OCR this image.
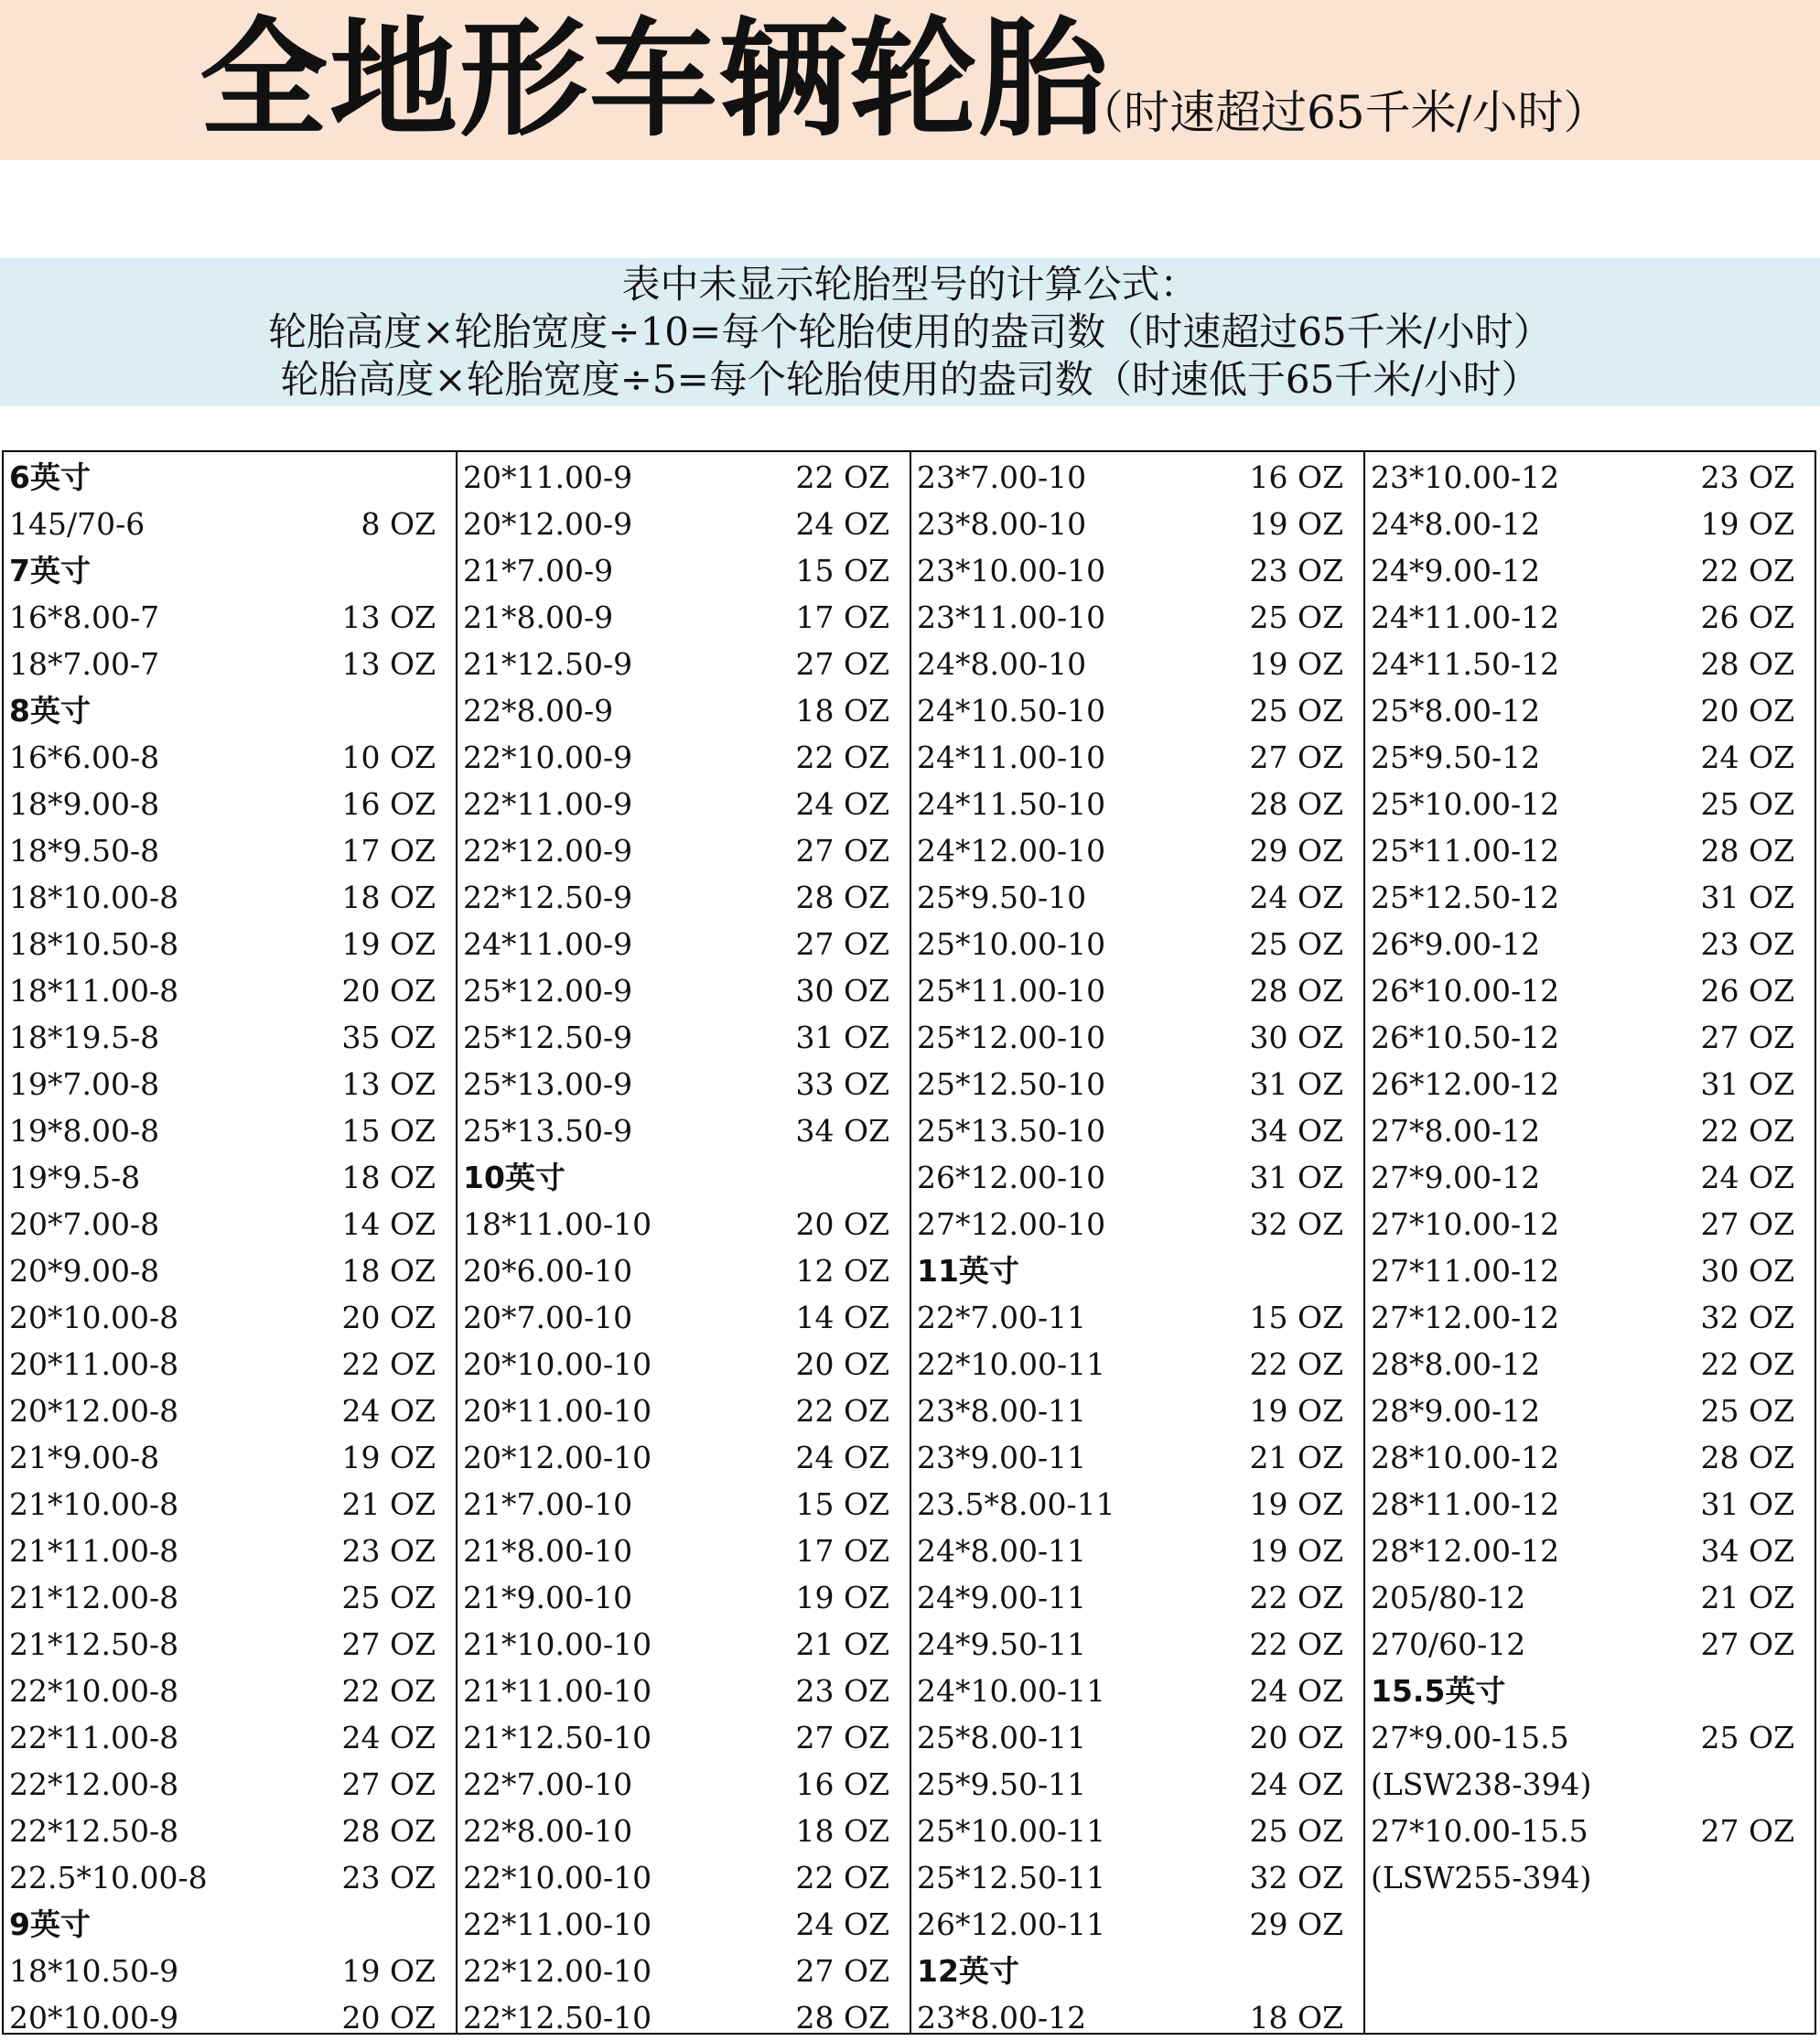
全地形车辆轮胎
（时速超过65千米/小时）
表中未显示轮胎型号的计算公式：
轮胎高度×轮胎宽度÷10=每个轮胎使用的盎司数（时速超过65千米/小时）
轮胎高度×轮胎宽度÷5=每个轮胎使用的盎司数（时速低于65千米/小时）
6英寸
145/70-6	8 OZ
7英寸
16*8.00-7	13 OZ
18*7.00-7	13 OZ
8英寸
16*6.00-8	10 OZ
18*9.00-8	16 OZ
18*9.50-8	17 OZ
18*10.00-8	18 OZ
18*10.50-8	19 OZ
18*11.00-8	20 OZ
18*19.5-8	35 OZ
19*7.00-8	13 OZ
19*8.00-8	15 OZ
19*9.5-8	18 OZ
20*7.00-8	14 OZ
20*9.00-8	18 OZ
20*10.00-8	20 OZ
20*11.00-8	22 OZ
20*12.00-8	24 OZ
21*9.00-8	19 OZ
21*10.00-8	21 OZ
21*11.00-8	23 OZ
21*12.00-8	25 OZ
21*12.50-8	27 OZ
22*10.00-8	22 OZ
22*11.00-8	24 OZ
22*12.00-8	27 OZ
22*12.50-8	28 OZ
22.5*10.00-8	23 OZ
9英寸
18*10.50-9	19 OZ
20*10.00-9	20 OZ
20*11.00-9	22 OZ
20*12.00-9	24 OZ
21*7.00-9	15 OZ
21*8.00-9	17 OZ
21*12.50-9	27 OZ
22*8.00-9	18 OZ
22*10.00-9	22 OZ
22*11.00-9	24 OZ
22*12.00-9	27 OZ
22*12.50-9	28 OZ
24*11.00-9	27 OZ
25*12.00-9	30 OZ
25*12.50-9	31 OZ
25*13.00-9	33 OZ
25*13.50-9	34 OZ
10英寸
18*11.00-10	20 OZ
20*6.00-10	12 OZ
20*7.00-10	14 OZ
20*10.00-10	20 OZ
20*11.00-10	22 OZ
20*12.00-10	24 OZ
21*7.00-10	15 OZ
21*8.00-10	17 OZ
21*9.00-10	19 OZ
21*10.00-10	21 OZ
21*11.00-10	23 OZ
21*12.50-10	27 OZ
22*7.00-10	16 OZ
22*8.00-10	18 OZ
22*10.00-10	22 OZ
22*11.00-10	24 OZ
22*12.00-10	27 OZ
22*12.50-10	28 OZ
23*7.00-10	16 OZ
23*8.00-10	19 OZ
23*10.00-10	23 OZ
23*11.00-10	25 OZ
24*8.00-10	19 OZ
24*10.50-10	25 OZ
24*11.00-10	27 OZ
24*11.50-10	28 OZ
24*12.00-10	29 OZ
25*9.50-10	24 OZ
25*10.00-10	25 OZ
25*11.00-10	28 OZ
25*12.00-10	30 OZ
25*12.50-10	31 OZ
25*13.50-10	34 OZ
26*12.00-10	31 OZ
27*12.00-10	32 OZ
11英寸
22*7.00-11	15 OZ
22*10.00-11	22 OZ
23*8.00-11	19 OZ
23*9.00-11	21 OZ
23.5*8.00-11	19 OZ
24*8.00-11	19 OZ
24*9.00-11	22 OZ
24*9.50-11	22 OZ
24*10.00-11	24 OZ
25*8.00-11	20 OZ
25*9.50-11	24 OZ
25*10.00-11	25 OZ
25*12.50-11	32 OZ
26*12.00-11	29 OZ
12英寸
23*8.00-12	18 OZ
23*10.00-12	23 OZ
24*8.00-12	19 OZ
24*9.00-12	22 OZ
24*11.00-12	26 OZ
24*11.50-12	28 OZ
25*8.00-12	20 OZ
25*9.50-12	24 OZ
25*10.00-12	25 OZ
25*11.00-12	28 OZ
25*12.50-12	31 OZ
26*9.00-12	23 OZ
26*10.00-12	26 OZ
26*10.50-12	27 OZ
26*12.00-12	31 OZ
27*8.00-12	22 OZ
27*9.00-12	24 OZ
27*10.00-12	27 OZ
27*11.00-12	30 OZ
27*12.00-12	32 OZ
28*8.00-12	22 OZ
28*9.00-12	25 OZ
28*10.00-12	28 OZ
28*11.00-12	31 OZ
28*12.00-12	34 OZ
205/80-12	21 OZ
270/60-12	27 OZ
15.5英寸
27*9.00-15.5	25 OZ
(LSW238-394)
27*10.00-15.5	27 OZ
(LSW255-394)
